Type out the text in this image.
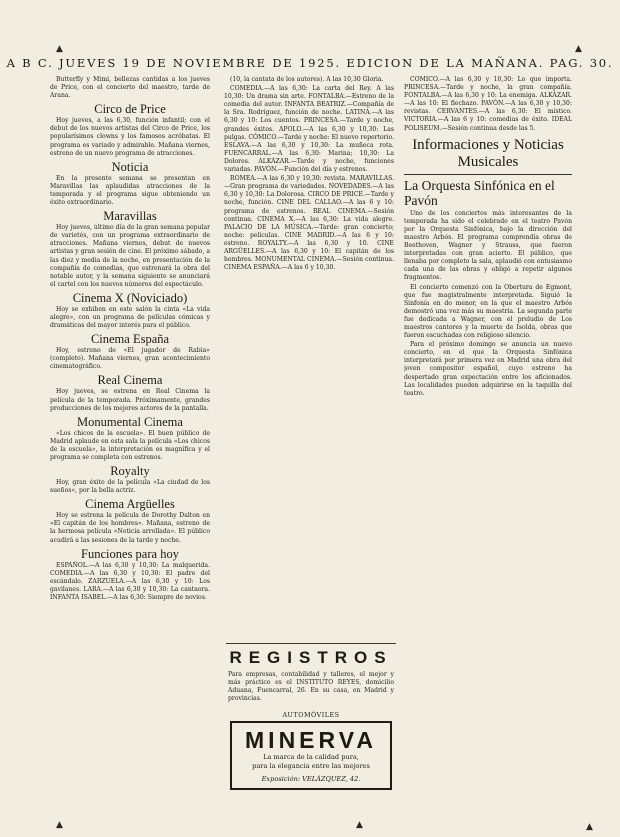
A B C. JUEVES 19 DE NOVIEMBRE DE 1925. EDICION DE LA MAÑANA. PAG. 30.

Butterfly y Mimí, bellezas cantidas a los jueves de Price, con el concierto del maestro, tarde de Arana.

Circo de Price

Hoy jueves, a las 6,30, función infantil; con el debut de los nuevos artistas del Circo de Price, los popularísimos clowns y los famosos acróbatas. El programa es variado y admirable. Mañana viernes, estreno de un nuevo programa de atracciones.

Noticia

En la presente semana se presentan en Maravillas las aplaudidas atracciones de la temporada y el programa sigue obteniendo un éxito extraordinario.

Maravillas

Hoy jueves, último día de la gran semana popular de varietés, con un programa extraordinario de atracciones. Mañana viernes, debut de nuevos artistas y gran sesión de cine. El próximo sábado, a las diez y media de la noche, en presentación de la compañía de comedias, que estrenará la obra del notable autor, y la semana siguiente se anunciará el cartel con los nuevos números del espectáculo.

Cinema X (Noviciado)

Hoy se exhiben en este salón la cinta «La vida alegre», con un programa de películas cómicas y dramáticas del mayor interés para el público.

Cinema España

Hoy, estreno de «El jugador de Rabia» (completo). Mañana viernes, gran acontecimiento cinematográfico.

Real Cinema

Hoy jueves, se estrena en Real Cinema la película de la temporada. Próximamente, grandes producciones de los mejores actores de la pantalla.

Monumental Cinema

«Los chicos de la escuela». El buen público de Madrid aplaude en esta sala la película «Los chicos de la escuela», la interpretación es magnífica y el programa se completa con estrenos.

Royalty

Hoy, gran éxito de la película «La ciudad de los sueños», por la bella actriz.

Cinema Argüelles

Hoy se estrena la película de Dorothy Dalton en «El capitán de los hombres». Mañana, estreno de la hermosa película «Noticia arrollada». El público acudirá a las sesiones de la tarde y noche.

Funciones para hoy

ESPAÑOL.—A las 6,30 y 10,30: La malquerida. COMEDIA.—A las 6,30 y 10,30: El padre del escándalo. ZARZUELA.—A las 6,30 y 10: Los gavilanes. LARA.—A las 6,30 y 10,30: La cantaora. INFANTA ISABEL.—A las 6,30: Siempre de novios.

(10, la cantata de los autores). A las 10,30 Gloria.

COMEDIA.—A las 6,30: La carta del Rey. A las 10,30: Un drama sin arte. FONTALBA.—Estreno de la comedia del autor. INFANTA BEATRIZ.—Compañía de la Sra. Rodríguez, función de noche. LATINA.—A las 6,30 y 10: Los cuentos. PRINCESA.—Tarde y noche, grandes éxitos. APOLO.—A las 6,30 y 10,30: Las pulgas. CÓMICO.—Tarde y noche: El nuevo repertorio. ESLAVA.—A las 6,30 y 10,30: La muñeca rota. FUENCARRAL.—A las 6,30: Marina; 10,30: La Dolores. ALKÁZAR.—Tarde y noche, funciones variadas. PAVÓN.—Función del día y estrenos.

ROMEA.—A las 6,30 y 10,30: revista. MARAVILLAS.—Gran programa de variedades. NOVEDADES.—A las 6,30 y 10,30: La Dolorosa. CIRCO DE PRICE.—Tarde y noche, función. CINE DEL CALLAO.—A las 6 y 10: programa de estrenos. REAL CINEMA.—Sesión continua. CINEMA X.—A las 6,30: La vida alegre. PALACIO DE LA MÚSICA.—Tarde: gran concierto; noche: películas. CINE MADRID.—A las 6 y 10: estreno. ROYALTY.—A las 6,30 y 10. CINE ARGÜELLES.—A las 6,30 y 10: El capitán de los hombres. MONUMENTAL CINEMA.—Sesión continua. CINEMA ESPAÑA.—A las 6 y 10,30.

REGISTROS

Para empresas, contabilidad y talleres, el mejor y más práctico es el INSTITUTO REYES, domicilio Aduana, Fuencarral, 26. En su casa, en Madrid y provincias.

AUTOMÓVILES
MINERVA
La marca de la calidad pura,
para la elegancia entre las mejores
Exposición: VELÁZQUEZ, 42.

CÓMICO.—A las 6,30 y 10,30: Lo que importa. PRINCESA.—Tarde y noche, la gran compañía. FONTALBA.—A las 6,30 y 10: La enemiga. ALKÁZAR.—A las 10: El flechazo. PAVÓN.—A las 6,30 y 10,30: revistas. CERVANTES.—A las 6,30: El místico. VICTORIA.—A las 6 y 10: comedias de éxito. IDEAL POLISEUM.—Sesión continua desde las 5.

Informaciones y Noticias Musicales
La Orquesta Sinfónica en el Pavón

Uno de los conciertos más interesantes de la temporada ha sido el celebrado en el teatro Pavón por la Orquesta Sinfónica, bajo la dirección del maestro Arbós. El programa comprendía obras de Beethoven, Wagner y Strauss, que fueron interpretadas con gran acierto. El público, que llenaba por completo la sala, aplaudió con entusiasmo cada una de las obras y obligó a repetir algunos fragmentos.

El concierto comenzó con la Obertura de Egmont, que fue magistralmente interpretada. Siguió la Sinfonía en do menor, en la que el maestro Arbós demostró una vez más su maestría. La segunda parte fue dedicada a Wagner, con el preludio de Los maestros cantores y la muerte de Isolda, obras que fueron escuchadas con religioso silencio.

Para el próximo domingo se anuncia un nuevo concierto, en el que la Orquesta Sinfónica interpretará por primera vez en Madrid una obra del joven compositor español, cuyo estreno ha despertado gran expectación entre los aficionados. Las localidades pueden adquirirse en la taquilla del teatro.

▲	▲
▲	▲	▲
